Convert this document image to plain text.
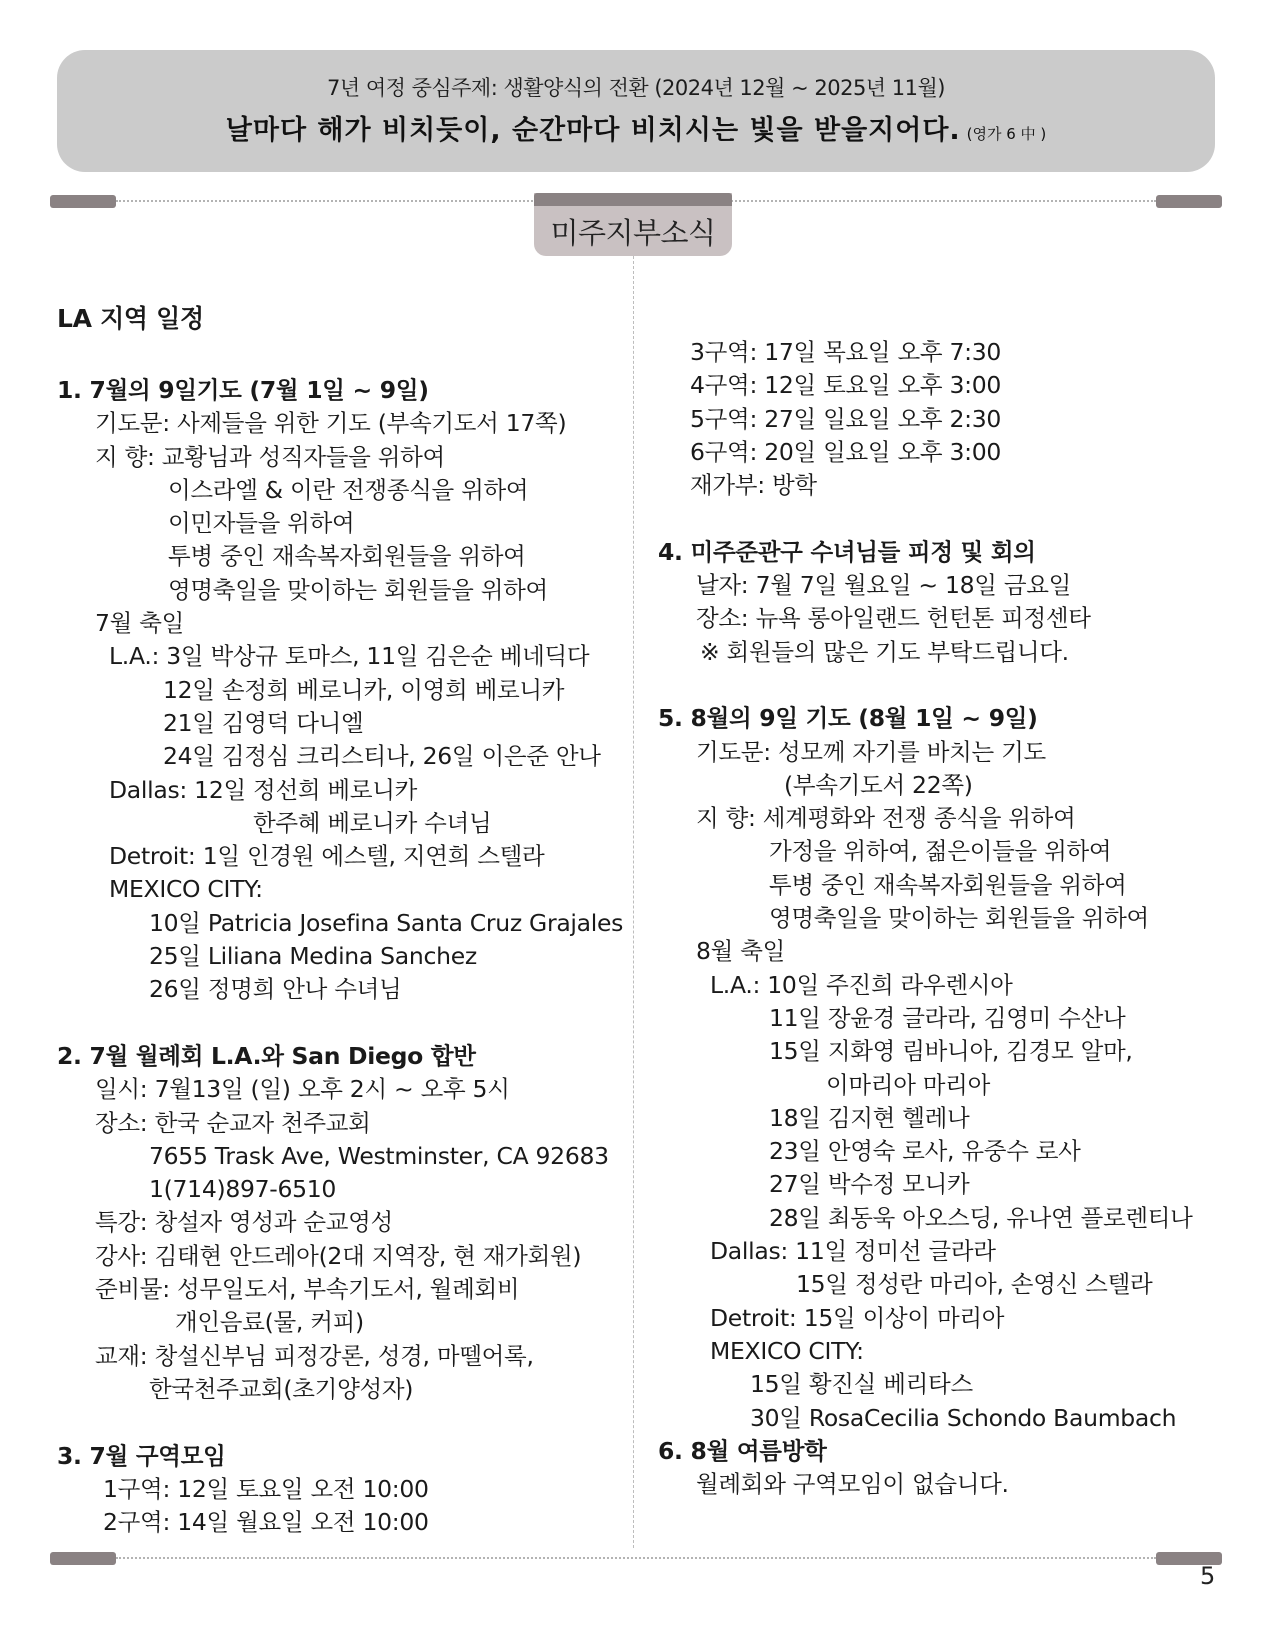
7년 여정 중심주제: 생활양식의 전환 (2024년 12월 ~ 2025년 11월)
날마다 해가 비치듯이, 순간마다 비치시는 빛을 받을지어다. (영가 6 中 )
미주지부소식
LA 지역 일정
1. 7월의 9일기도 (7월 1일 ~ 9일)
기도문: 사제들을 위한 기도 (부속기도서 17쪽)
지 향: 교황님과 성직자들을 위하여
이스라엘 & 이란 전쟁종식을 위하여
이민자들을 위하여
투병 중인 재속복자회원들을 위하여
영명축일을 맞이하는 회원들을 위하여
7월 축일
L.A.: 3일 박상규 토마스, 11일 김은순 베네딕다
12일 손정희 베로니카, 이영희 베로니카
21일 김영덕 다니엘
24일 김정심 크리스티나, 26일 이은준 안나
Dallas: 12일 정선희 베로니카
한주혜 베로니카 수녀님
Detroit: 1일 인경원 에스텔, 지연희 스텔라
MEXICO CITY:
10일 Patricia Josefina Santa Cruz Grajales
25일 Liliana Medina Sanchez
26일 정명희 안나 수녀님
2. 7월 월례회 L.A.와 San Diego 합반
일시: 7월13일 (일) 오후 2시 ~ 오후 5시
장소: 한국 순교자 천주교회
7655 Trask Ave, Westminster, CA 92683
1(714)897-6510
특강: 창설자 영성과 순교영성
강사: 김태현 안드레아(2대 지역장, 현 재가회원)
준비물: 성무일도서, 부속기도서, 월례회비
개인음료(물, 커피)
교재: 창설신부님 피정강론, 성경, 마뗄어록,
한국천주교회(초기양성자)
3. 7월 구역모임
1구역: 12일 토요일 오전 10:00
2구역: 14일 월요일 오전 10:00
3구역: 17일 목요일 오후 7:30
4구역: 12일 토요일 오후 3:00
5구역: 27일 일요일 오후 2:30
6구역: 20일 일요일 오후 3:00
재가부: 방학
4. 미주준관구 수녀님들 피정 및 회의
날자: 7월 7일 월요일 ~ 18일 금요일
장소: 뉴욕 롱아일랜드 헌턴톤 피정센타
※ 회원들의 많은 기도 부탁드립니다.
5. 8월의 9일 기도 (8월 1일 ~ 9일)
기도문: 성모께 자기를 바치는 기도
(부속기도서 22쪽)
지 향: 세계평화와 전쟁 종식을 위하여
가정을 위하여, 젊은이들을 위하여
투병 중인 재속복자회원들을 위하여
영명축일을 맞이하는 회원들을 위하여
8월 축일
L.A.: 10일 주진희 라우렌시아
11일 장윤경 글라라, 김영미 수산나
15일 지화영 림바니아, 김경모 알마,
이마리아 마리아
18일 김지현 헬레나
23일 안영숙 로사, 유중수 로사
27일 박수정 모니카
28일 최동욱 아오스딩, 유나연 플로렌티나
Dallas: 11일 정미선 글라라
15일 정성란 마리아, 손영신 스텔라
Detroit: 15일 이상이 마리아
MEXICO CITY:
15일 황진실 베리타스
30일 RosaCecilia Schondo Baumbach
6. 8월 여름방학
월례회와 구역모임이 없습니다.
5
